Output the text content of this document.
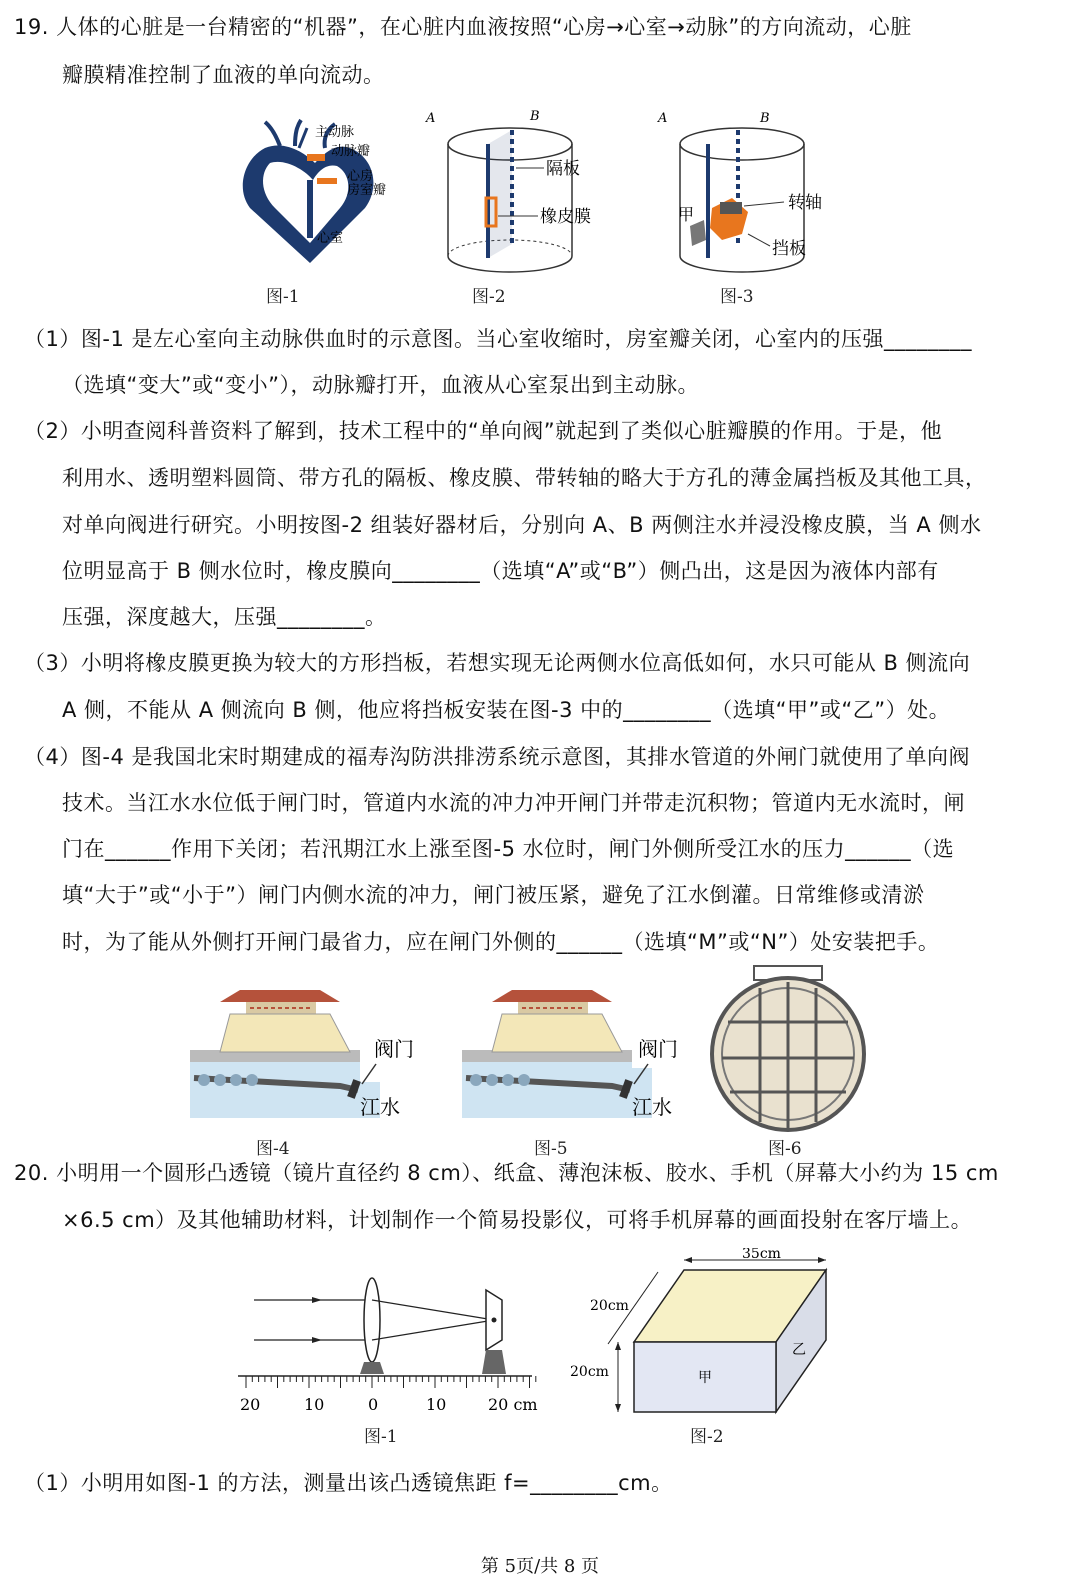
19. 人体的心脏是一台精密的“机器”，在心脏内血液按照“心房→心室→动脉”的方向流动，心脏
瓣膜精准控制了血液的单向流动。
主动脉
动脉瓣
心房
房室瓣
心室
图-1
A	B
隔板
橡皮膜
图-2
A	B
转轴
甲
挡板
图-3
（1）图-1 是左心室向主动脉供血时的示意图。当心室收缩时，房室瓣关闭，心室内的压强________
（选填“变大”或“变小”），动脉瓣打开，血液从心室泵出到主动脉。
（2）小明查阅科普资料了解到，技术工程中的“单向阀”就起到了类似心脏瓣膜的作用。于是，他
利用水、透明塑料圆筒、带方孔的隔板、橡皮膜、带转轴的略大于方孔的薄金属挡板及其他工具，
对单向阀进行研究。小明按图-2 组装好器材后，分别向 A、B 两侧注水并浸没橡皮膜，当 A 侧水
位明显高于 B 侧水位时，橡皮膜向________（选填“A”或“B”）侧凸出，这是因为液体内部有
压强，深度越大，压强________。
（3）小明将橡皮膜更换为较大的方形挡板，若想实现无论两侧水位高低如何，水只可能从 B 侧流向
A 侧，不能从 A 侧流向 B 侧，他应将挡板安装在图-3 中的________（选填“甲”或“乙”）处。
（4）图-4 是我国北宋时期建成的福寿沟防洪排涝系统示意图，其排水管道的外闸门就使用了单向阀
技术。当江水水位低于闸门时，管道内水流的冲力冲开闸门并带走沉积物；管道内无水流时，闸
门在______作用下关闭；若汛期江水上涨至图-5 水位时，闸门外侧所受江水的压力______（选
填“大于”或“小于”）闸门内侧水流的冲力，闸门被压紧，避免了江水倒灌。日常维修或清淤
时，为了能从外侧打开闸门最省力，应在闸门外侧的______（选填“M”或“N”）处安装把手。
阀门
江水
图-4
阀门
江水
图-5	图-6
20. 小明用一个圆形凸透镜（镜片直径约 8 cm）、纸盒、薄泡沫板、胶水、手机（屏幕大小约为 15 cm
×6.5 cm）及其他辅助材料，计划制作一个简易投影仪，可将手机屏幕的画面投射在客厅墙上。
20	10	0	10	20 cm
图-1
35cm
20cm
20cm	甲
乙
图-2
（1）小明用如图-1 的方法，测量出该凸透镜焦距 f=________cm。
第 5页/共 8 页
